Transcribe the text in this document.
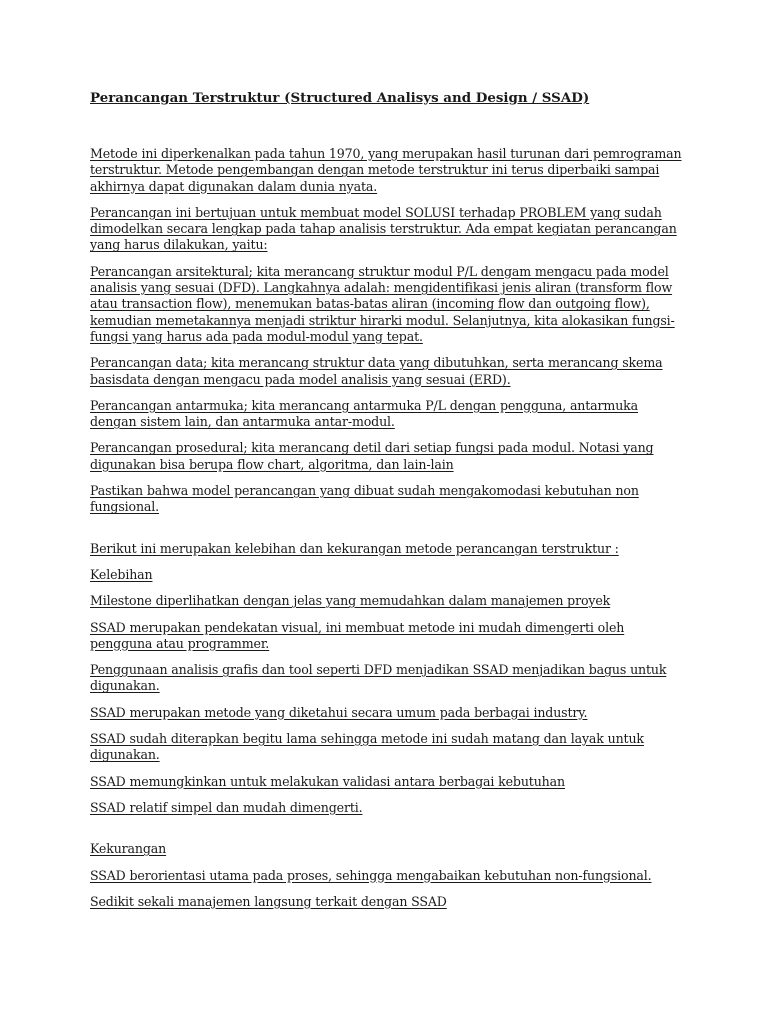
Perancangan Terstruktur (Structured Analisys and Design / SSAD)

Metode ini diperkenalkan pada tahun 1970, yang merupakan hasil turunan dari pemrograman terstruktur. Metode pengembangan dengan metode terstruktur ini terus diperbaiki sampai akhirnya dapat digunakan dalam dunia nyata.

Perancangan ini bertujuan untuk membuat model SOLUSI terhadap PROBLEM yang sudah dimodelkan secara lengkap pada tahap analisis terstruktur. Ada empat kegiatan perancangan yang harus dilakukan, yaitu:

Perancangan arsitektural; kita merancang struktur modul P/L dengam mengacu pada model analisis yang sesuai (DFD). Langkahnya adalah: mengidentifikasi jenis aliran (transform flow atau transaction flow), menemukan batas-batas aliran (incoming flow dan outgoing flow), kemudian memetakannya menjadi striktur hirarki modul. Selanjutnya, kita alokasikan fungsi-fungsi yang harus ada pada modul-modul yang tepat.

Perancangan data; kita merancang struktur data yang dibutuhkan, serta merancang skema basisdata dengan mengacu pada model analisis yang sesuai (ERD).

Perancangan antarmuka; kita merancang antarmuka P/L dengan pengguna, antarmuka dengan sistem lain, dan antarmuka antar-modul.

Perancangan prosedural; kita merancang detil dari setiap fungsi pada modul. Notasi yang digunakan bisa berupa flow chart, algoritma, dan lain-lain

Pastikan bahwa model perancangan yang dibuat sudah mengakomodasi kebutuhan non fungsional.

Berikut ini merupakan kelebihan dan kekurangan metode perancangan terstruktur :

Kelebihan

Milestone diperlihatkan dengan jelas yang memudahkan dalam manajemen proyek

SSAD merupakan pendekatan visual, ini membuat metode ini mudah dimengerti oleh pengguna atau programmer.

Penggunaan analisis grafis dan tool seperti DFD menjadikan SSAD menjadikan bagus untuk digunakan.

SSAD merupakan metode yang diketahui secara umum pada berbagai industry.

SSAD sudah diterapkan begitu lama sehingga metode ini sudah matang dan layak untuk digunakan.

SSAD memungkinkan untuk melakukan validasi antara berbagai kebutuhan

SSAD relatif simpel dan mudah dimengerti.

Kekurangan

SSAD berorientasi utama pada proses, sehingga mengabaikan kebutuhan non-fungsional.

Sedikit sekali manajemen langsung terkait dengan SSAD
